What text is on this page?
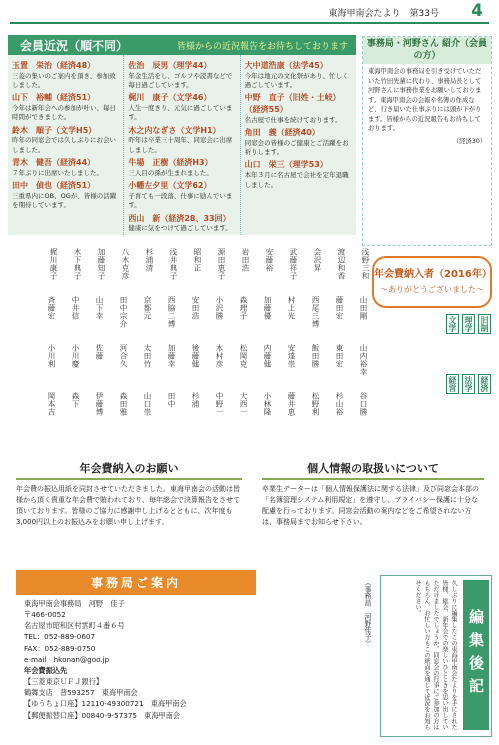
東海甲南会たより　第33号 4
会員近況（順不同）	皆様からの近況報告をお待ちしております
玉置　栄治（経済48）
三菱の集いのご案内を頂き、参加致しました。
山下　裕輔（経済51）
今年は新年会への参加が叶い、毎日時間ができました。
鈴木　順子（文学H5）
昨年の同窓会では久しぶりにお会いしました。
青木　健吾（経済44）
７年ぶりに出席いたしました。
田中　偵也（経済51）
三重県内にOB、OGが、皆様の活躍を期待しています。
佐治　辰男（理学44）
年金生活をし、ゴルフや読書などで毎日過ごしています。
梶川　康子（文学46）
人生一度きり、元気に過ごしています。
木之内なぎさ（文学H1）
昨年は卒業三十周年、同窓会に出席しました。
牛場　正樹（経済H3）
三人目の孫が生まれました。
小幡左夕里（文学62）
子育ても一段落、仕事に励んでいます。
西山　新（経済28、33回）
健康に気をつけて過ごしています。
大中道浩康（法学45）
今年は地元の文化祭があり、忙しく過ごしています。
中野　直子（旧姓・土岐）（経済55）
名古屋で仕事を続けております。
角田　義（経済40）
同窓会の皆様のご健康とご活躍をお祈りします。
山口　栄三（理学53）
本年３月に名古屋で会社を定年退職しました。
事務局・河野さん 紹介（会員の方）
東海甲南会の事務局を引き受けていただいた竹田先輩に代わり、事務局長として河野さんに事務作業をお願いしております。東海甲南会の会報や名簿の作成など、行き届いた仕事ぶりには頭が下がります。皆様からの近況報告もお待ちしております。
（経済30）
年会費納入者（2016年）
～ありがとうございました～
浅野三和
渡辺和香
会沢昇
武藤祥子
安藤裕
岩田浩
源田恵子
昭和正
浅井典子
杉浦清
八木克彦
加藤知子
木下典子
梶川康子
山田剛
藤田宏
西尾三博
村上光
加藤優
森理子
小沢勝
安田浩
西脇二博
京都元
田中宗介
山下幸
中井信
斉藤宏
山内裕幸
東田宏
飯田勝
安達崇
内藤健
松岡克
木村彦
後藤健
加藤幸
太田竹
河合久
佐藤
小川慶
小川利
谷口勝
杉山裕
松野利
藤井恵
小林隆
大西一
中野一
杉浦
田中
山口崇
森田雅
伊藤博
森下
岡本吉
旧制
理学
文学
経済
法学
経営
年会費納入のお願い
年会費の振込用紙を同封させていただきました。東海甲南会の活動は皆様から頂く貴重な年会費で賄われており、毎年総会で決算報告をさせて頂いております。皆様のご協力に感謝申し上げるとともに、次年度も3,000円以上のお振込みをお願い申し上げます。
個人情報の取扱いについて
卒業生データーは「個人情報保護法に関する法律」及び同窓会本部の「名簿管理システム利用規定」を遵守し、プライバシー保護に十分な配慮を行っております。同窓会活動の案内などをご希望されない方は、事務局までお知らせ下さい。
事務局ご案内
東海甲南会事務局　河野　佳子
〒466-0052
名古屋市昭和区村雲町４番６号
TEL：052-889-0607
FAX：052-889-0750
e-mail　hkonan@goo.jp
年会費振込先
【三菱東京ＵＦＪ銀行】
鶴舞支店　普593257　東海甲南会
【ゆうちょ口座】12110-49300721　東海甲南会
【郵便振替口座】00840-9-57375　東海甲南会
（事務局　河野佳子）	編集後記
久しぶりに編集したこの東海甲南会たよりを手にされた皆様、総会、新年会での楽しいひとときを思い出していただけましたでしょうか。同窓会の行事にご参加の方はもちろん、お忙しい方もこの紙面を通じて近況をお知らせください。
